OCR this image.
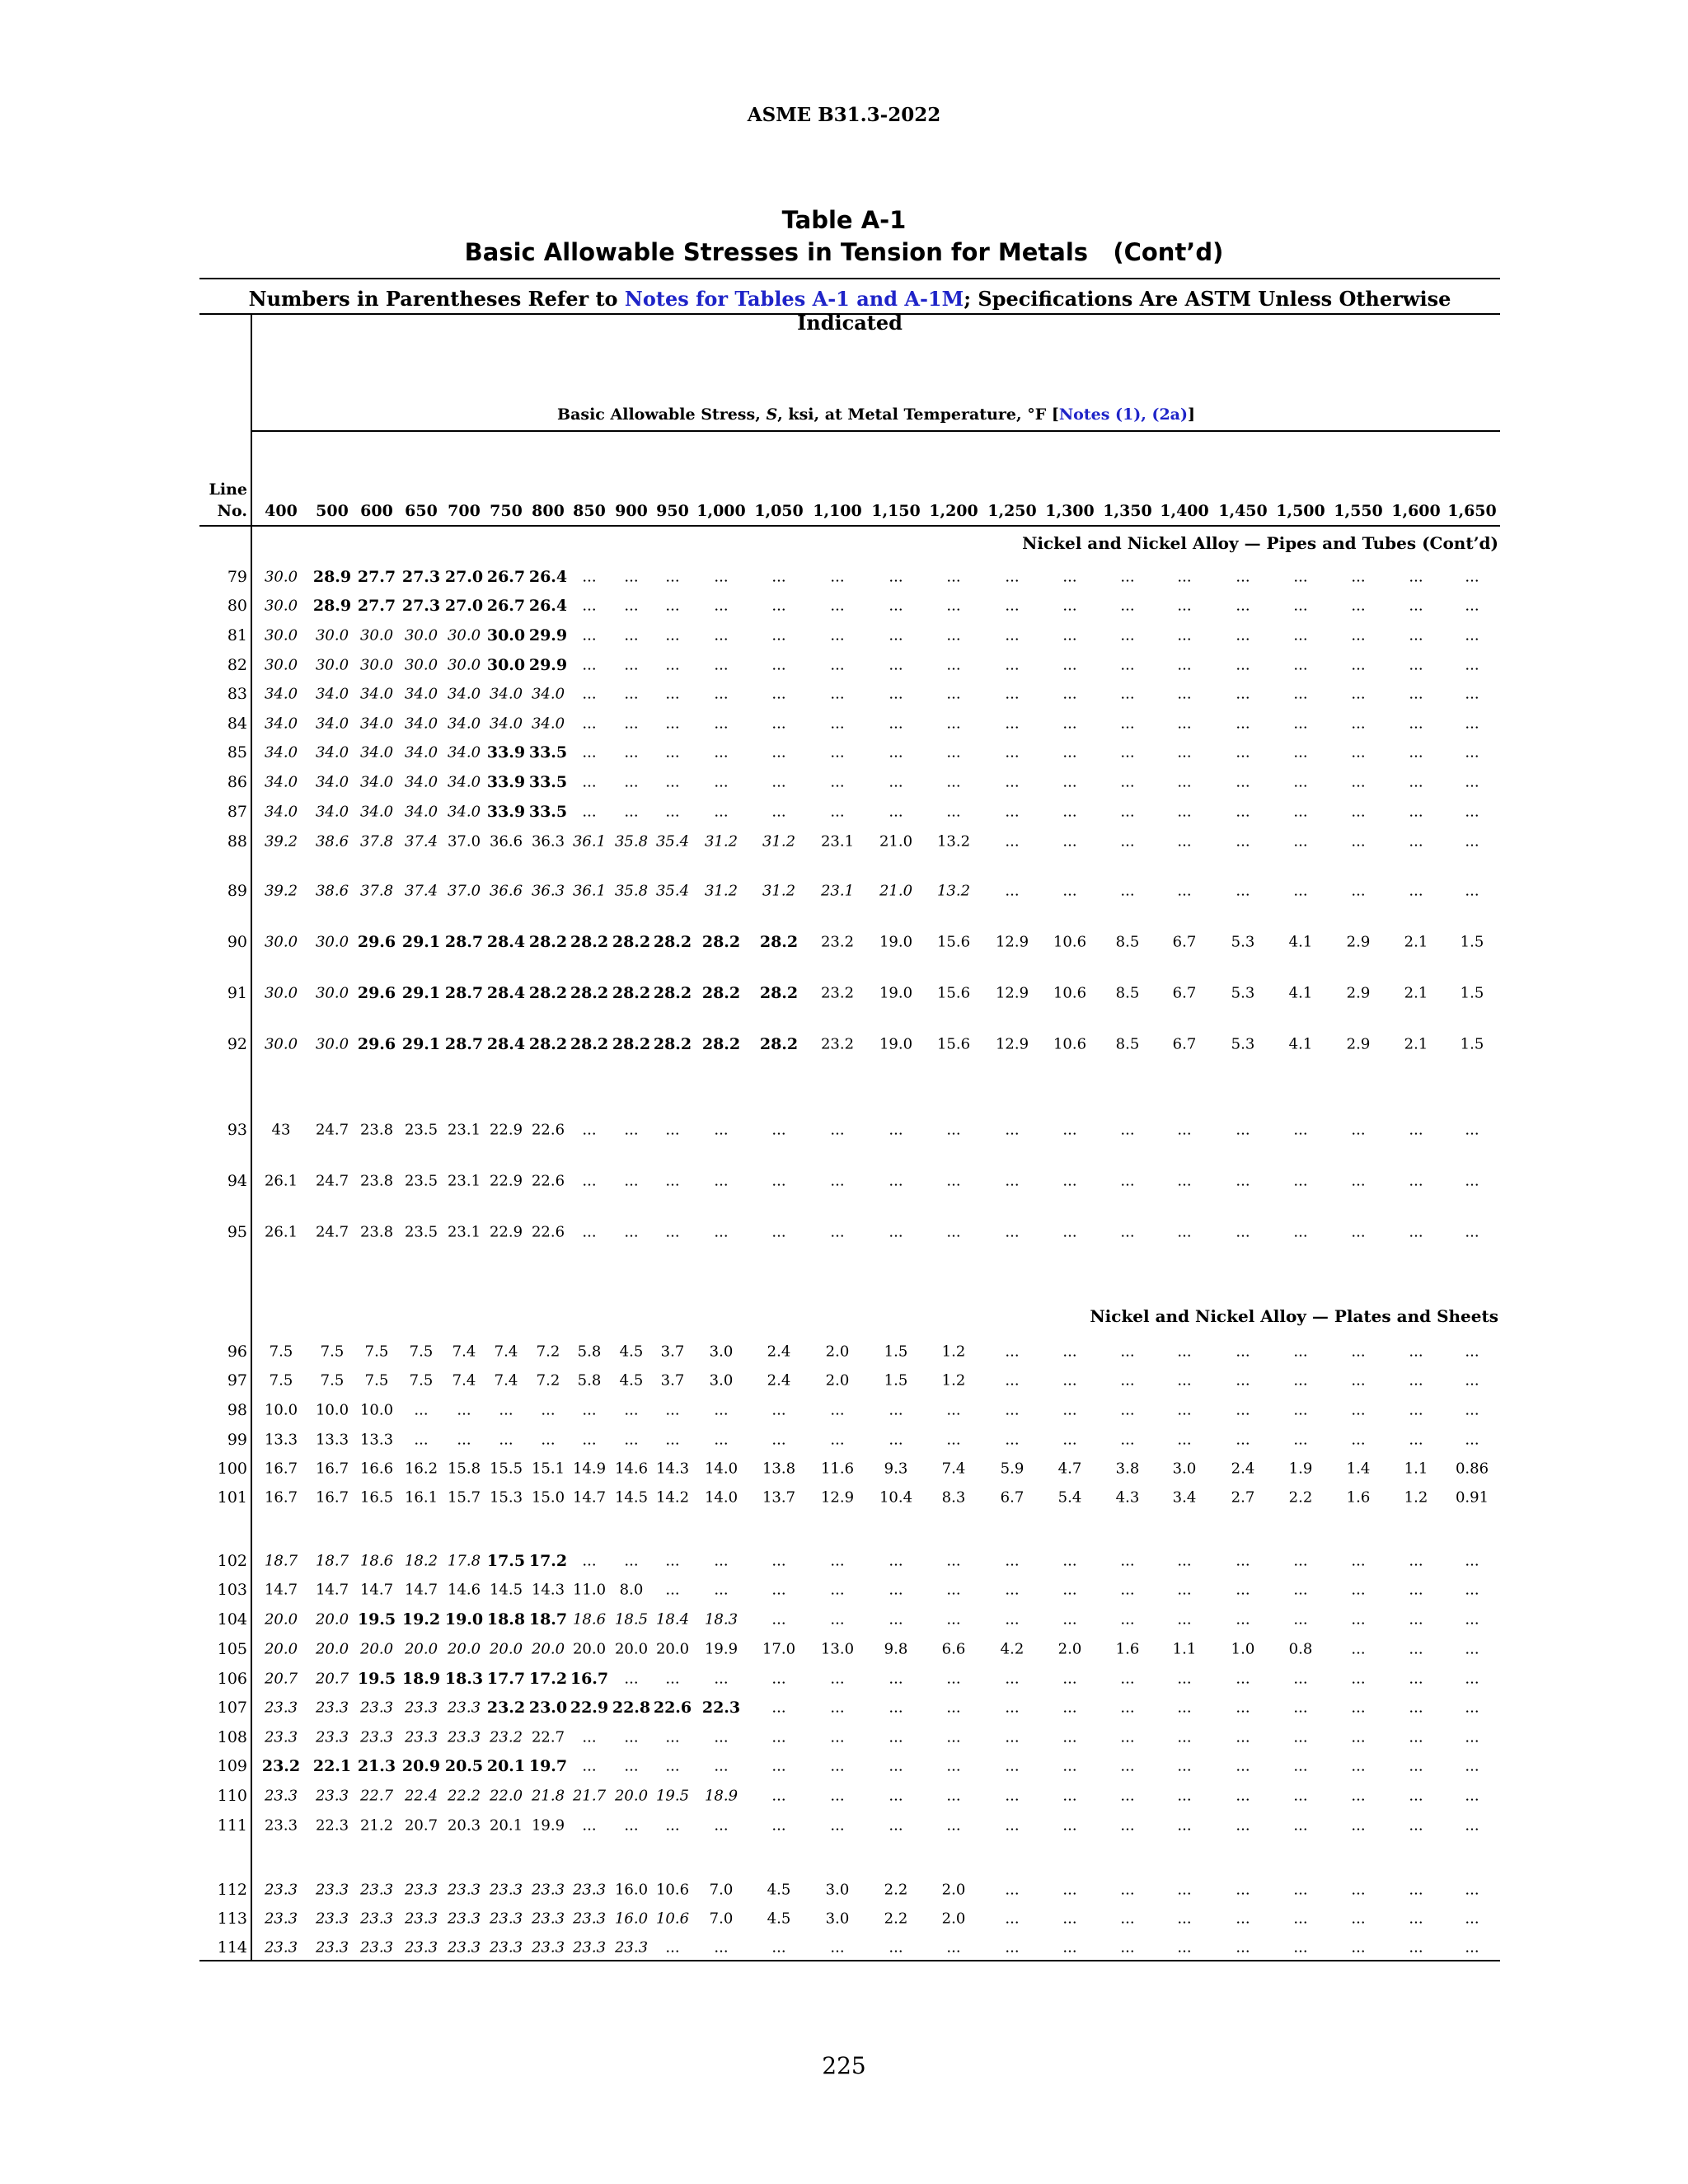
ASME B31.3-2022
Table A-1
Basic Allowable Stresses in Tension for Metals (Cont’d)
Numbers in Parentheses Refer to Notes for Tables A-1 and A-1M; Specifications Are ASTM Unless Otherwise Indicated
Basic Allowable Stress, S, ksi, at Metal Temperature, °F [Notes (1), (2a)]
Line
No. 400 500 600 650 700 750 800 850 900 950 1,000 1,050 1,100 1,150 1,200 1,250 1,300 1,350 1,400 1,450 1,500 1,550 1,600 1,650
Nickel and Nickel Alloy — Pipes and Tubes (Cont’d)
Nickel and Nickel Alloy — Plates and Sheets
79 30.0 28.9 27.7 27.3 27.0 26.7 26.4 ... ... ... ...	...	...	...	...	...	...	...	...	...	...	...	...	...
80 30.0 28.9 27.7 27.3 27.0 26.7 26.4 ... ... ... ...	...	...	...	...	...	...	...	...	...	...	...	...	...
81 30.0 30.0 30.0 30.0 30.0 30.0 29.9 ... ... ... ...	...	...	...	...	...	...	...	...	...	...	...	...	...
82 30.0 30.0 30.0 30.0 30.0 30.0 29.9 ... ... ... ...	...	...	...	...	...	...	...	...	...	...	...	...	...
83 34.0 34.0 34.0 34.0 34.0 34.0 34.0 ... ... ... ...	...	...	...	...	...	...	...	...	...	...	...	...	...
84 34.0 34.0 34.0 34.0 34.0 34.0 34.0 ... ... ... ...	...	...	...	...	...	...	...	...	...	...	...	...	...
85 34.0 34.0 34.0 34.0 34.0 33.9 33.5 ... ... ... ...	...	...	...	...	...	...	...	...	...	...	...	...	...
86 34.0 34.0 34.0 34.0 34.0 33.9 33.5 ... ... ... ...	...	...	...	...	...	...	...	...	...	...	...	...	...
87 34.0 34.0 34.0 34.0 34.0 33.9 33.5 ... ... ... ...	...	...	...	...	...	...	...	...	...	...	...	...	...
88 39.2 38.6 37.8 37.4 37.0 36.6 36.3 36.1 35.8 35.4 31.2 31.2 23.1 21.0 13.2 ...	...	...	...	...	...	...	...	...
89 39.2 38.6 37.8 37.4 37.0 36.6 36.3 36.1 35.8 35.4 31.2 31.2 23.1 21.0 13.2 ...	...	...	...	...	...	...	...	...
90 30.0 30.0 29.6 29.1 28.7 28.4 28.2 28.2 28.2 28.2 28.2 28.2 23.2 19.0 15.6 12.9 10.6 8.5 6.7 5.3 4.1 2.9 2.1 1.5
91 30.0 30.0 29.6 29.1 28.7 28.4 28.2 28.2 28.2 28.2 28.2 28.2 23.2 19.0 15.6 12.9 10.6 8.5 6.7 5.3 4.1 2.9 2.1 1.5
92 30.0 30.0 29.6 29.1 28.7 28.4 28.2 28.2 28.2 28.2 28.2 28.2 23.2 19.0 15.6 12.9 10.6 8.5 6.7 5.3 4.1 2.9 2.1 1.5
93 43 24.7 23.8 23.5 23.1 22.9 22.6 ... ... ... ...	...	...	...	...	...	...	...	...	...	...	...	...	...
94 26.1 24.7 23.8 23.5 23.1 22.9 22.6 ... ... ... ...	...	...	...	...	...	...	...	...	...	...	...	...	...
95 26.1 24.7 23.8 23.5 23.1 22.9 22.6 ... ... ... ...	...	...	...	...	...	...	...	...	...	...	...	...	...
96 7.5 7.5 7.5 7.5 7.4 7.4 7.2 5.8 4.5 3.7 3.0 2.4 2.0 1.5 1.2	...	...	...	...	...	...	...	...	...
97 7.5 7.5 7.5 7.5 7.4 7.4 7.2 5.8 4.5 3.7 3.0 2.4 2.0 1.5 1.2	...	...	...	...	...	...	...	...	...
98 10.0 10.0 10.0 ... ... ... ... ... ... ... ...	...	...	...	...	...	...	...	...	...	...	...	...	...
99 13.3 13.3 13.3 ... ... ... ... ... ... ... ...	...	...	...	...	...	...	...	...	...	...	...	...	...
100 16.7 16.7 16.6 16.2 15.8 15.5 15.1 14.9 14.6 14.3 14.0 13.8 11.6 9.3 7.4 5.9 4.7 3.8 3.0 2.4 1.9 1.4 1.1 0.86
101 16.7 16.7 16.5 16.1 15.7 15.3 15.0 14.7 14.5 14.2 14.0 13.7 12.9 10.4 8.3 6.7 5.4 4.3 3.4 2.7 2.2 1.6 1.2 0.91
102 18.7 18.7 18.6 18.2 17.8 17.5 17.2 ... ... ... ...	...	...	...	...	...	...	...	...	...	...	...	...	...
103 14.7 14.7 14.7 14.7 14.6 14.5 14.3 11.0 8.0 ... ...	...	...	...	...	...	...	...	...	...	...	...	...	...
104 20.0 20.0 19.5 19.2 19.0 18.8 18.7 18.6 18.5 18.4 18.3 ...	...	...	...	...	...	...	...	...	...	...	...	...
105 20.0 20.0 20.0 20.0 20.0 20.0 20.0 20.0 20.0 20.0 19.9 17.0 13.0 9.8 6.6 4.2 2.0 1.6 1.1 1.0 0.8	...	...	...
106 20.7 20.7 19.5 18.9 18.3 17.7 17.2 16.7 ... ... ...	...	...	...	...	...	...	...	...	...	...	...	...	...
107 23.3 23.3 23.3 23.3 23.3 23.2 23.0 22.9 22.8 22.6 22.3 ...	...	...	...	...	...	...	...	...	...	...	...	...
108 23.3 23.3 23.3 23.3 23.3 23.2 22.7 ... ... ... ...	...	...	...	...	...	...	...	...	...	...	...	...	...
109 23.2 22.1 21.3 20.9 20.5 20.1 19.7 ... ... ... ...	...	...	...	...	...	...	...	...	...	...	...	...	...
110 23.3 23.3 22.7 22.4 22.2 22.0 21.8 21.7 20.0 19.5 18.9 ...	...	...	...	...	...	...	...	...	...	...	...	...
111 23.3 22.3 21.2 20.7 20.3 20.1 19.9 ... ... ... ...	...	...	...	...	...	...	...	...	...	...	...	...	...
112 23.3 23.3 23.3 23.3 23.3 23.3 23.3 23.3 16.0 10.6 7.0 4.5 3.0 2.2 2.0	...	...	...	...	...	...	...	...	...
113 23.3 23.3 23.3 23.3 23.3 23.3 23.3 23.3 16.0 10.6 7.0 4.5 3.0 2.2 2.0	...	...	...	...	...	...	...	...	...
114 23.3 23.3 23.3 23.3 23.3 23.3 23.3 23.3 23.3 ... ...	...	...	...	...	...	...	...	...	...	...	...	...	...
225
